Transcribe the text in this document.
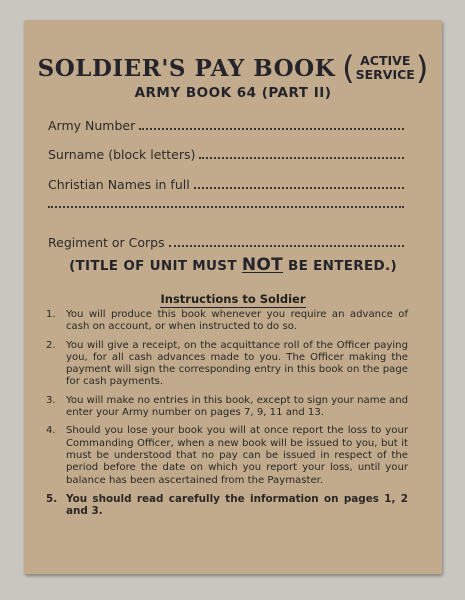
SOLDIER'S PAY BOOK ( ACTIVE
SERVICE )
ARMY BOOK 64 (PART II)
Army Number
Surname (block letters)
Christian Names in full
Regiment or Corps
(TITLE OF UNIT MUST NOT BE ENTERED.)
Instructions to Soldier
1.	You will produce this book whenever you require an advance of cash on account, or when instructed to do so.
2.	You will give a receipt, on the acquittance roll of the Officer paying you, for all cash advances made to you. The Officer making the payment will sign the corresponding entry in this book on the page for cash payments.
3.	You will make no entries in this book, except to sign your name and enter your Army number on pages 7, 9, 11 and 13.
4.	Should you lose your book you will at once report the loss to your Commanding Officer, when a new book will be issued to you, but it must be understood that no pay can be issued in respect of the period before the date on which you report your loss, until your balance has been ascertained from the Paymaster.
5. You should read carefully the information on pages 1, 2 and 3.
